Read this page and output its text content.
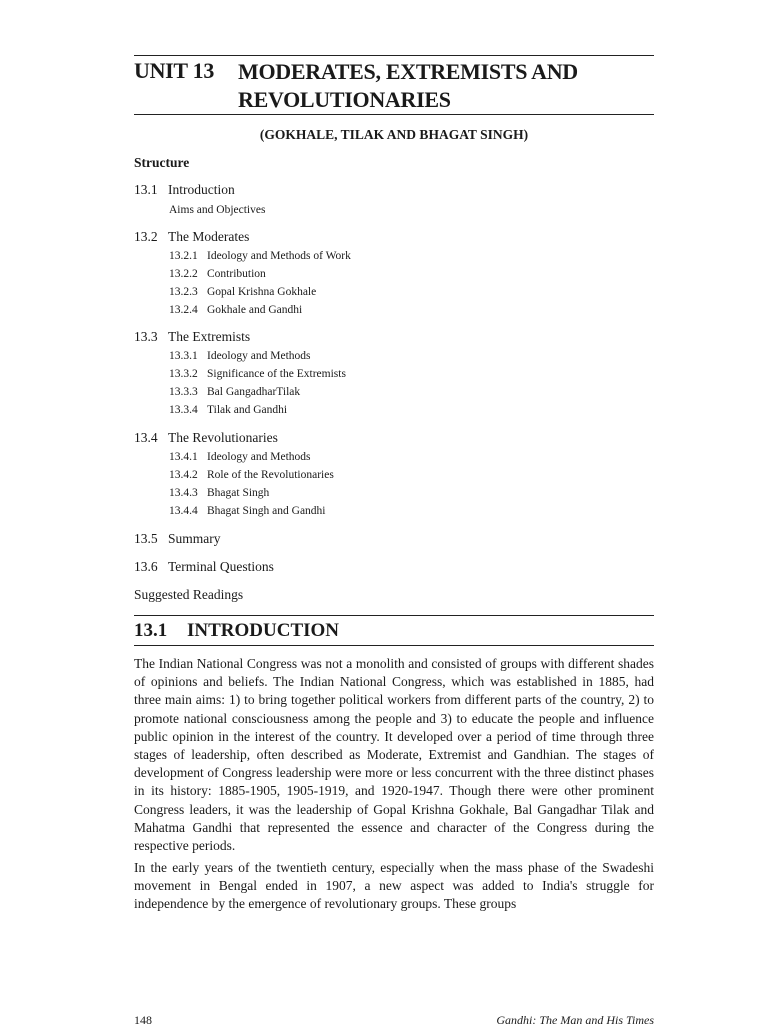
UNIT 13 MODERATES, EXTREMISTS AND
REVOLUTIONARIES
(GOKHALE, TILAK AND BHAGAT SINGH)
Structure
13.1 Introduction
Aims and Objectives
13.2 The Moderates
13.2.1 Ideology and Methods of Work
13.2.2 Contribution
13.2.3 Gopal Krishna Gokhale
13.2.4 Gokhale and Gandhi
13.3 The Extremists
13.3.1 Ideology and Methods
13.3.2 Significance of the Extremists
13.3.3 Bal GangadharTilak
13.3.4 Tilak and Gandhi
13.4 The Revolutionaries
13.4.1 Ideology and Methods
13.4.2 Role of the Revolutionaries
13.4.3 Bhagat Singh
13.4.4 Bhagat Singh and Gandhi
13.5 Summary
13.6 Terminal Questions
Suggested Readings
13.1 INTRODUCTION

The Indian National Congress was not a monolith and consisted of groups with different shades of opinions and beliefs. The Indian National Congress, which was established in 1885, had three main aims: 1) to bring together political workers from different parts of the country, 2) to promote national consciousness among the people and 3) to educate the people and influence public opinion in the interest of the country. It developed over a period of time through three stages of leadership, often described as Moderate, Extremist and Gandhian. The stages of development of Congress leadership were more or less concurrent with the three distinct phases in its history: 1885-1905, 1905-1919, and 1920-1947. Though there were other prominent Congress leaders, it was the leadership of Gopal Krishna Gokhale, Bal Gangadhar Tilak and Mahatma Gandhi that represented the essence and character of the Congress during the respective periods.

In the early years of the twentieth century, especially when the mass phase of the Swadeshi movement in Bengal ended in 1907, a new aspect was added to India's struggle for independence by the emergence of revolutionary groups. These groups

148	Gandhi: The Man and His Times
